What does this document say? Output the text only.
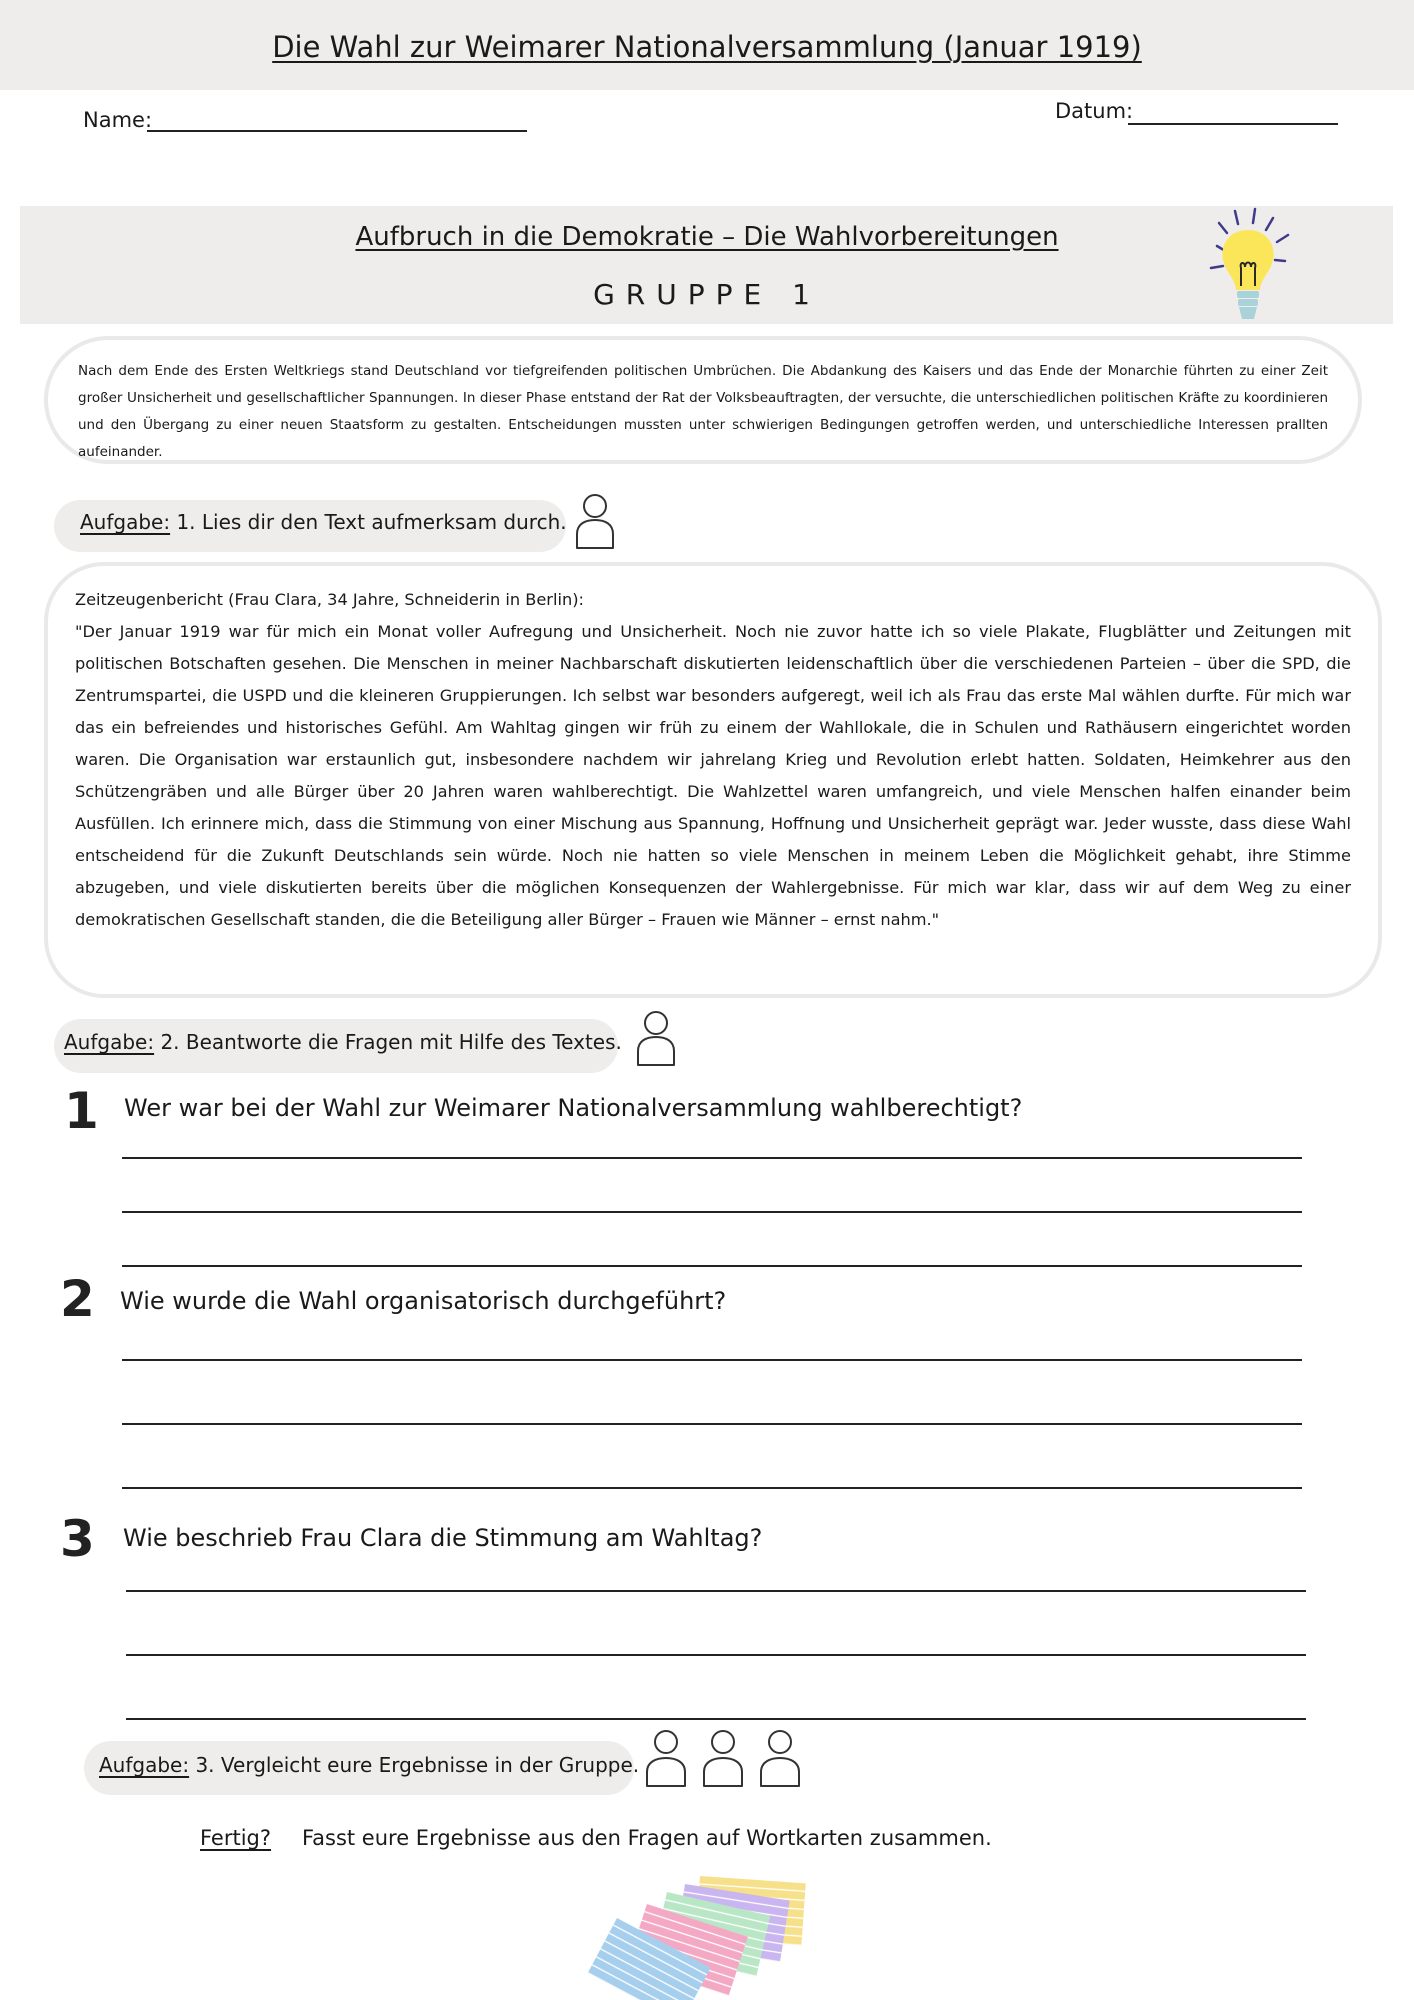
Die Wahl zur Weimarer Nationalversammlung (Januar 1919)
Name:	Datum:
Aufbruch in die Demokratie – Die Wahlvorbereitungen
GRUPPE 1
Nach dem Ende des Ersten Weltkriegs stand Deutschland vor tiefgreifenden politischen Umbrüchen. Die Abdankung des Kaisers und das Ende der Monarchie führten zu einer Zeit großer Unsicherheit und gesellschaftlicher Spannungen. In dieser Phase entstand der Rat der Volksbeauftragten, der versuchte, die unterschiedlichen politischen Kräfte zu koordinieren und den Übergang zu einer neuen Staatsform zu gestalten. Entscheidungen mussten unter schwierigen Bedingungen getroffen werden, und unterschiedliche Interessen prallten aufeinander.
Aufgabe: 1. Lies dir den Text aufmerksam durch.

Zeitzeugenbericht (Frau Clara, 34 Jahre, Schneiderin in Berlin):

"Der Januar 1919 war für mich ein Monat voller Aufregung und Unsicherheit. Noch nie zuvor hatte ich so viele Plakate, Flugblätter und Zeitungen mit politischen Botschaften gesehen. Die Menschen in meiner Nachbarschaft diskutierten leidenschaftlich über die verschiedenen Parteien – über die SPD, die Zentrumspartei, die USPD und die kleineren Gruppierungen. Ich selbst war besonders aufgeregt, weil ich als Frau das erste Mal wählen durfte. Für mich war das ein befreiendes und historisches Gefühl. Am Wahltag gingen wir früh zu einem der Wahllokale, die in Schulen und Rathäusern eingerichtet worden waren. Die Organisation war erstaunlich gut, insbesondere nachdem wir jahrelang Krieg und Revolution erlebt hatten. Soldaten, Heimkehrer aus den Schützengräben und alle Bürger über 20 Jahren waren wahlberechtigt. Die Wahlzettel waren umfangreich, und viele Menschen halfen einander beim Ausfüllen. Ich erinnere mich, dass die Stimmung von einer Mischung aus Spannung, Hoffnung und Unsicherheit geprägt war. Jeder wusste, dass diese Wahl entscheidend für die Zukunft Deutschlands sein würde. Noch nie hatten so viele Menschen in meinem Leben die Möglichkeit gehabt, ihre Stimme abzugeben, und viele diskutierten bereits über die möglichen Konsequenzen der Wahlergebnisse. Für mich war klar, dass wir auf dem Weg zu einer demokratischen Gesellschaft standen, die die Beteiligung aller Bürger – Frauen wie Männer – ernst nahm."

Aufgabe: 2. Beantworte die Fragen mit Hilfe des Textes.
1 Wer war bei der Wahl zur Weimarer Nationalversammlung wahlberechtigt?
2 Wie wurde die Wahl organisatorisch durchgeführt?
3 Wie beschrieb Frau Clara die Stimmung am Wahltag?
Aufgabe: 3. Vergleicht eure Ergebnisse in der Gruppe.
Fertig? Fasst eure Ergebnisse aus den Fragen auf Wortkarten zusammen.
